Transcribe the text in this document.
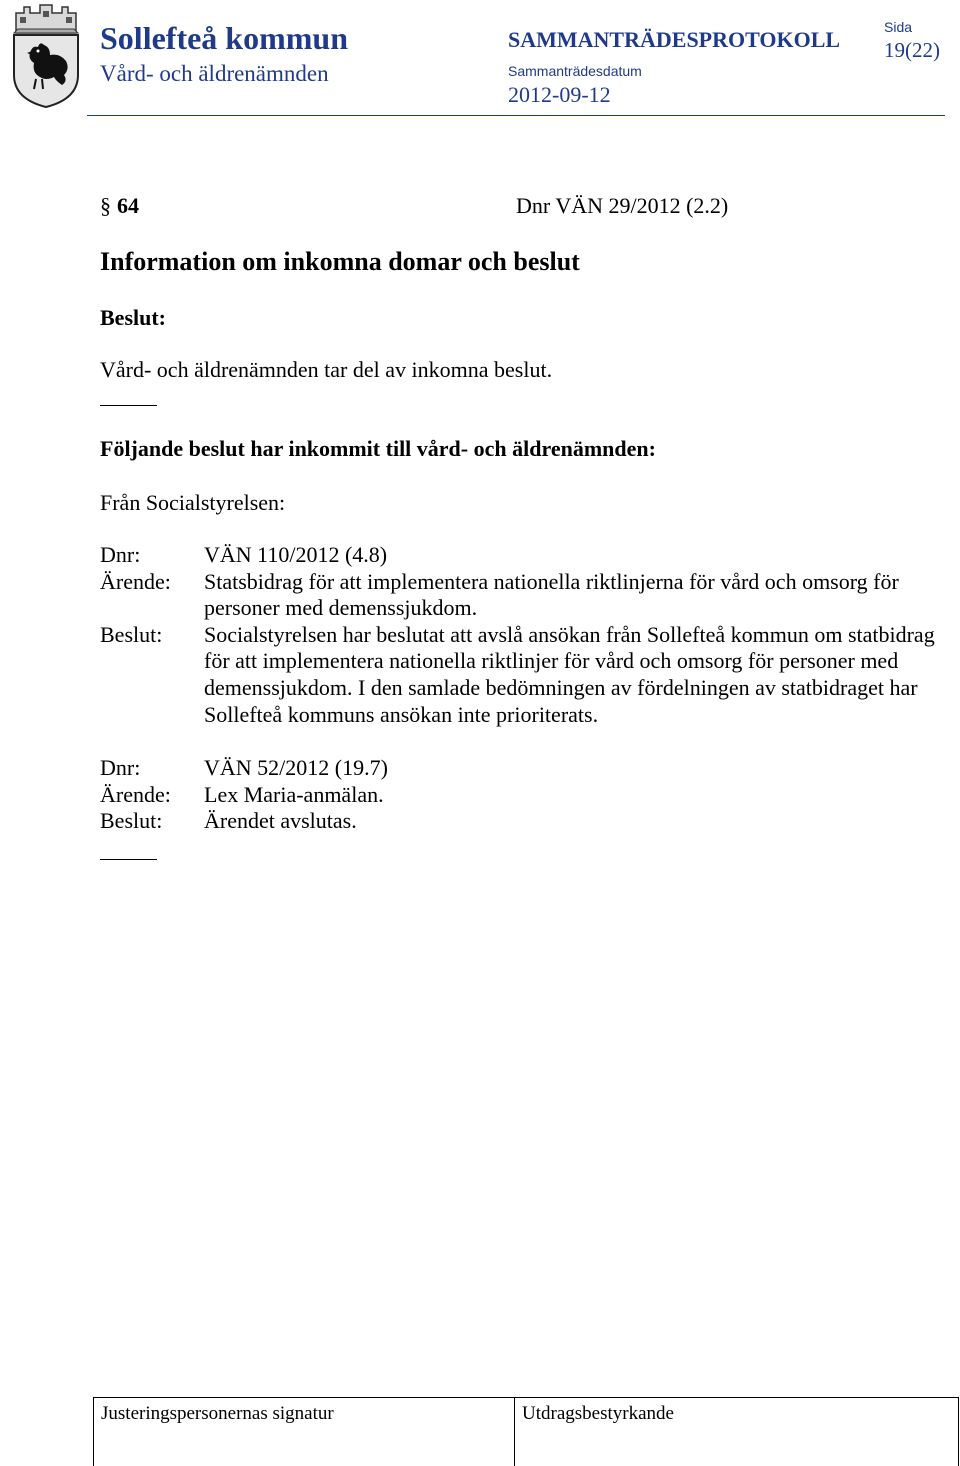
Sollefteå kommun
Vård- och äldrenämnden
SAMMANTRÄDESPROTOKOLL
Sammanträdesdatum
2012-09-12
Sida
19(22)
§ 64	Dnr VÄN 29/2012 (2.2)
Information om inkomna domar och beslut
Beslut:
Vård- och äldrenämnden tar del av inkomna beslut.
Följande beslut har inkommit till vård- och äldrenämnden:
Från Socialstyrelsen:
Dnr:	VÄN 110/2012 (4.8)
Ärende:	Statsbidrag för att implementera nationella riktlinjerna för vård och omsorg för personer med demenssjukdom.
Beslut:	Socialstyrelsen har beslutat att avslå ansökan från Sollefteå kommun om statbidrag för att implementera nationella riktlinjer för vård och omsorg för personer med demenssjukdom. I den samlade bedömningen av fördelningen av statbidraget har Sollefteå kommuns ansökan inte prioriterats.
Dnr:	VÄN 52/2012 (19.7)
Ärende:	Lex Maria-anmälan.
Beslut:	Ärendet avslutas.
Justeringspersonernas signatur	Utdragsbestyrkande
